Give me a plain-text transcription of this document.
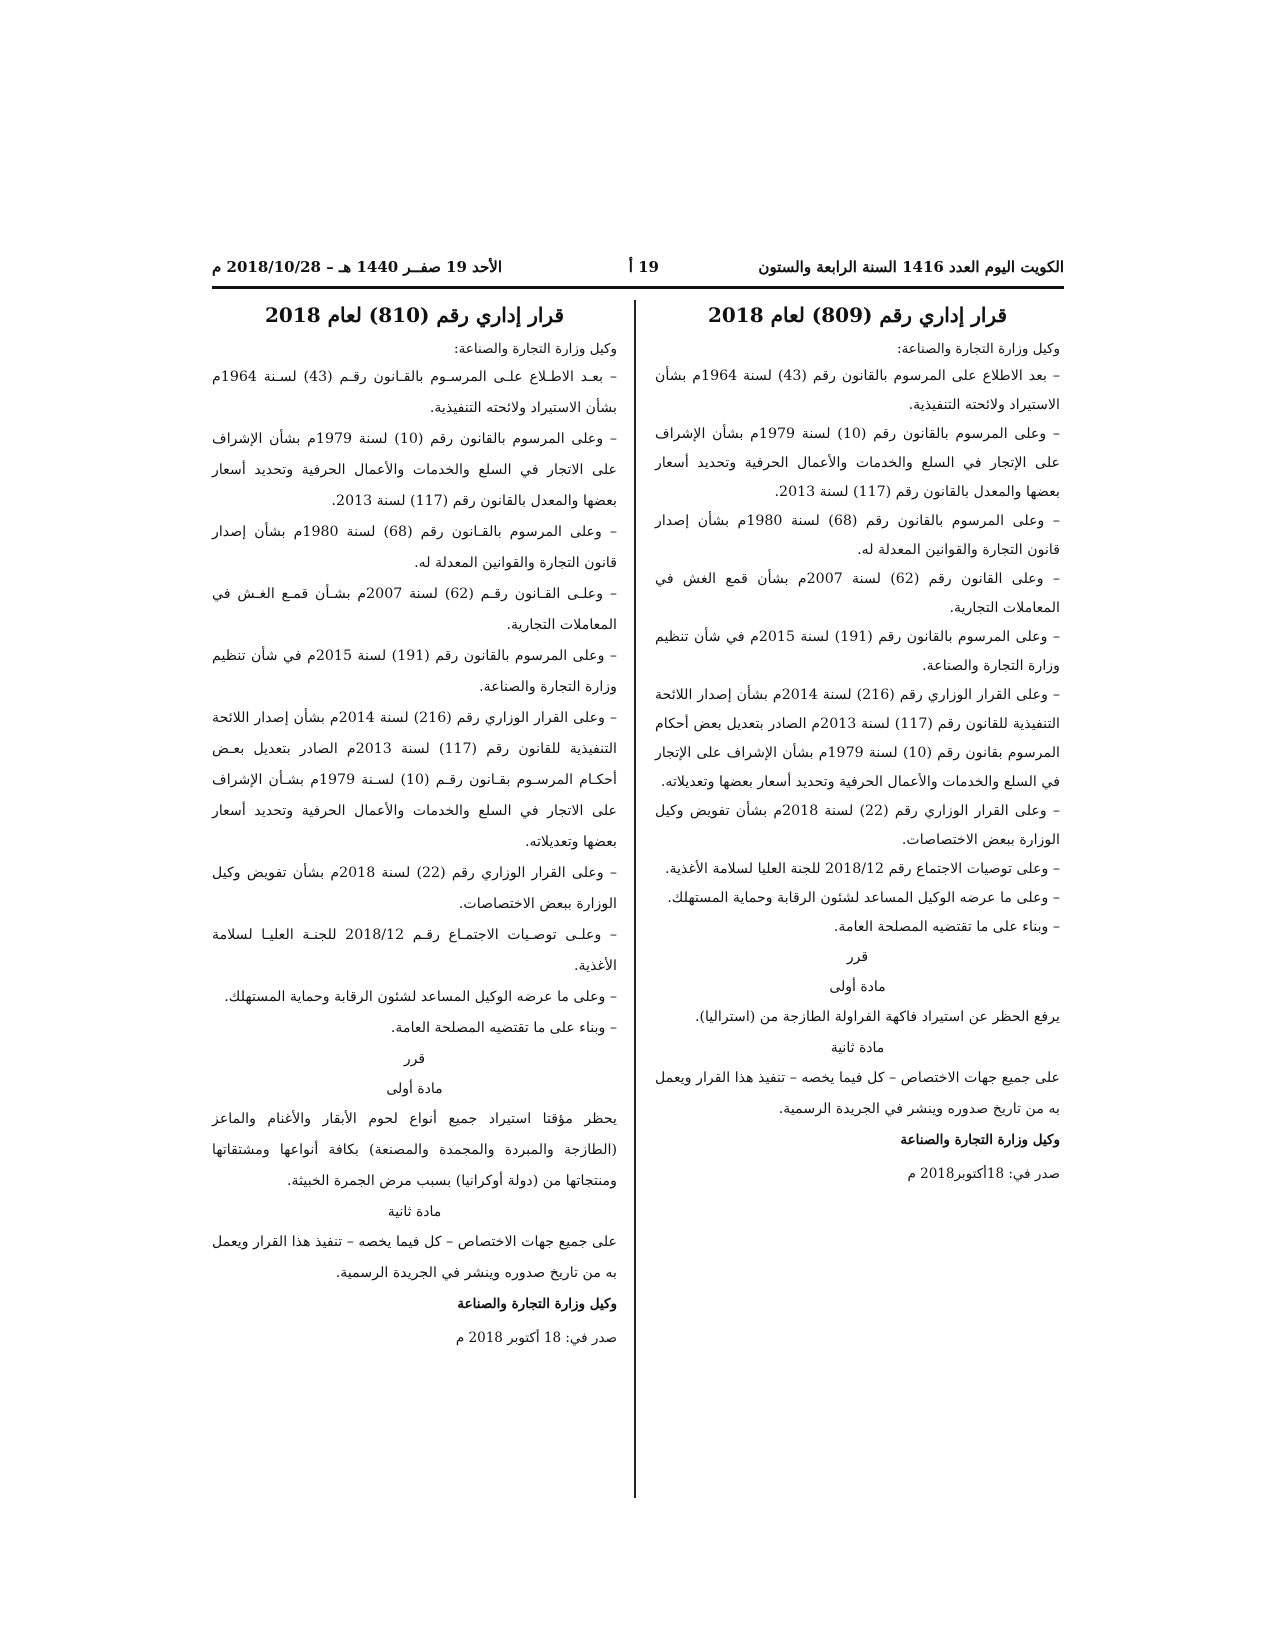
الكويت اليوم العدد 1416 السنة الرابعة والستون
19 أ
الأحد 19 صفــر 1440 هـ – 2018/10/28 م
قرار إداري رقم (809) لعام 2018
وكيل وزارة التجارة والصناعة:

– بعد الاطلاع على المرسوم بالقانون رقم (43) لسنة 1964م بشأن الاستيراد ولائحته التنفيذية.

– وعلى المرسوم بالقانون رقم (10) لسنة 1979م بشأن الإشراف على الإتجار في السلع والخدمات والأعمال الحرفية وتحديد أسعار بعضها والمعدل بالقانون رقم (117) لسنة 2013.

– وعلى المرسوم بالقانون رقم (68) لسنة 1980م بشأن إصدار قانون التجارة والقوانين المعدلة له.

– وعلى القانون رقم (62) لسنة 2007م بشأن قمع الغش في المعاملات التجارية.

– وعلى المرسوم بالقانون رقم (191) لسنة 2015م في شأن تنظيم وزارة التجارة والصناعة.

– وعلى القرار الوزاري رقم (216) لسنة 2014م بشأن إصدار اللائحة التنفيذية للقانون رقم (117) لسنة 2013م الصادر بتعديل بعض أحكام المرسوم بقانون رقم (10) لسنة 1979م بشأن الإشراف على الإتجار في السلع والخدمات والأعمال الحرفية وتحديد أسعار بعضها وتعديلاته.

– وعلى القرار الوزاري رقم (22) لسنة 2018م بشأن تفويض وكيل الوزارة ببعض الاختصاصات.

– وعلى توصيات الاجتماع رقم 2018/12 للجنة العليا لسلامة الأغذية.

– وعلى ما عرضه الوكيل المساعد لشئون الرقابة وحماية المستهلك.

– وبناء على ما تقتضيه المصلحة العامة.

قرر
مادة أولى

يرفع الحظر عن استيراد فاكهة الفراولة الطازجة من (استراليا).

مادة ثانية

على جميع جهات الاختصاص – كل فيما يخصه – تنفيذ هذا القرار ويعمل به من تاريخ صدوره وينشر في الجريدة الرسمية.

وكيل وزارة التجارة والصناعة
صدر في: 18أكتوبر2018 م
قرار إداري رقم (810) لعام 2018
وكيل وزارة التجارة والصناعة:

– بعـد الاطـلاع علـى المرسـوم بالقـانون رقـم (43) لسـنة 1964م بشأن الاستيراد ولائحته التنفيذية.

– وعلى المرسوم بالقانون رقم (10) لسنة 1979م بشأن الإشراف على الاتجار في السلع والخدمات والأعمال الحرفية وتحديد أسعار بعضها والمعدل بالقانون رقم (117) لسنة 2013.

– وعلى المرسوم بالقـانون رقم (68) لسنة 1980م بشأن إصدار قانون التجارة والقوانين المعدلة له.

– وعلـى القـانون رقـم (62) لسنة 2007م بشـأن قمـع الغـش في المعاملات التجارية.

– وعلى المرسوم بالقانون رقم (191) لسنة 2015م في شأن تنظيم وزارة التجارة والصناعة.

– وعلى القرار الوزاري رقم (216) لسنة 2014م بشأن إصدار اللائحة التنفيذية للقانون رقم (117) لسنة 2013م الصادر بتعديل بعـض أحكـام المرسـوم بقـانون رقـم (10) لسـنة 1979م بشـأن الإشراف على الاتجار في السلع والخدمات والأعمال الحرفية وتحديد أسعار بعضها وتعديلاته.

– وعلى القرار الوزاري رقم (22) لسنة 2018م بشأن تفويض وكيل الوزارة ببعض الاختصاصات.

– وعلـى توصـيات الاجتمـاع رقـم 2018/12 للجنـة العليـا لسلامة الأغذية.

– وعلى ما عرضه الوكيل المساعد لشئون الرقابة وحماية المستهلك.

– وبناء على ما تقتضيه المصلحة العامة.

قرر
مادة أولى

يحظر مؤقتا استيراد جميع أنواع لحوم الأبقار والأغنام والماعز (الطازجة والمبردة والمجمدة والمصنعة) بكافة أنواعها ومشتقاتها ومنتجاتها من (دولة أوكرانيا) بسبب مرض الجمرة الخبيثة.

مادة ثانية

على جميع جهات الاختصاص – كل فيما يخصه – تنفيذ هذا القرار ويعمل به من تاريخ صدوره وينشر في الجريدة الرسمية.

وكيل وزارة التجارة والصناعة
صدر في: 18 أكتوبر 2018 م
